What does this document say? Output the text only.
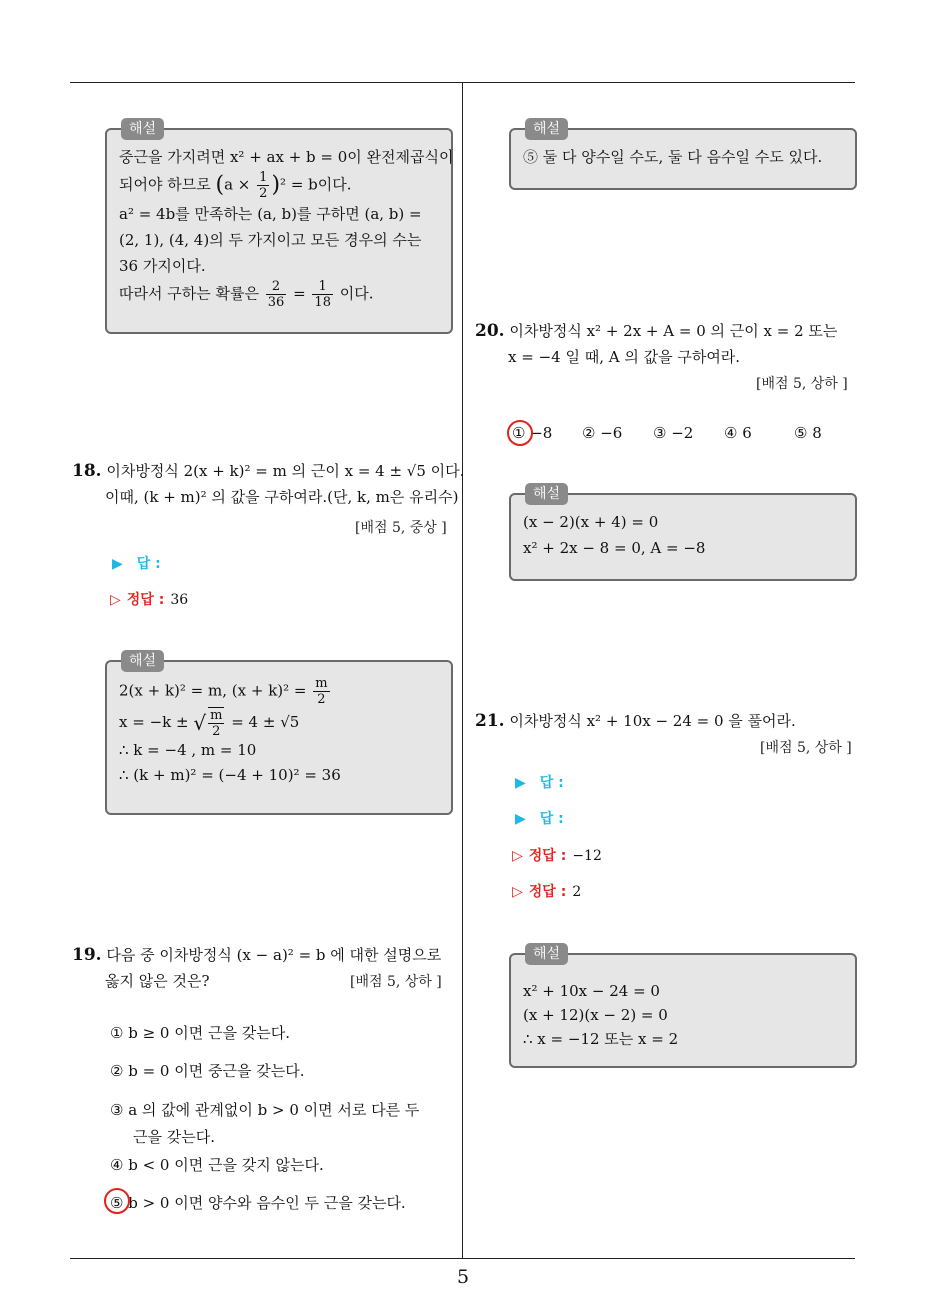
해설
중근을 가지려면 x² + ax + b = 0이 완전제곱식이
되어야 하므로 $(a \times \frac{1}{2} )^2 = b$이다.
a² = 4b를 만족하는 (a, b)를 구하면 (a, b) =
(2, 1), (4, 4)의 두 가지이고 모든 경우의 수는
36 가지이다.
따라서 구하는 확률은 $\frac{2}{36} = \frac{1}{18}$ 이다.
18. 이차방정식 2(x + k)² = m 의 근이 x = 4 ± √5 이다.
이때, (k + m)² 의 값을 구하여라.(단, k, m은 유리수)
[배점 5, 중상 ]
▶ 답 :
▷ 정답 : 36
해설
2(x + k)² = m, $(x + k)^2 = \frac{m}{2}$
x = −k ± √ $\frac{m}{2} = 4 \pm √5$
∴ k = −4 , m = 10
∴ (k + m)² = (−4 + 10)² = 36
19. 다음 중 이차방정식 (x − a)² = b 에 대한 설명으로
옳지 않은 것은?	[배점 5, 상하 ]
① b ≥ 0 이면 근을 갖는다.
② b = 0 이면 중근을 갖는다.
③ a 의 값에 관계없이 b > 0 이면 서로 다른 두
근을 갖는다.
④ b < 0 이면 근을 갖지 않는다.
⑤ b > 0 이면 양수와 음수인 두 근을 갖는다.
해설
⑤ 둘 다 양수일 수도, 둘 다 음수일 수도 있다.
20. 이차방정식 x² + 2x + A = 0 의 근이 x = 2 또는
x = −4 일 때, A 의 값을 구하여라.
[배점 5, 상하 ]
① −8 ② −6 ③ −2 ④ 6	⑤ 8
해설
(x − 2)(x + 4) = 0
x² + 2x − 8 = 0, A = −8
21. 이차방정식 x² + 10x − 24 = 0 을 풀어라.
[배점 5, 상하 ]
▶ 답 :
▶ 답 :
▷ 정답 : −12
▷ 정답 : 2
해설
x² + 10x − 24 = 0
(x + 12)(x − 2) = 0
∴ x = −12 또는 x = 2
5
